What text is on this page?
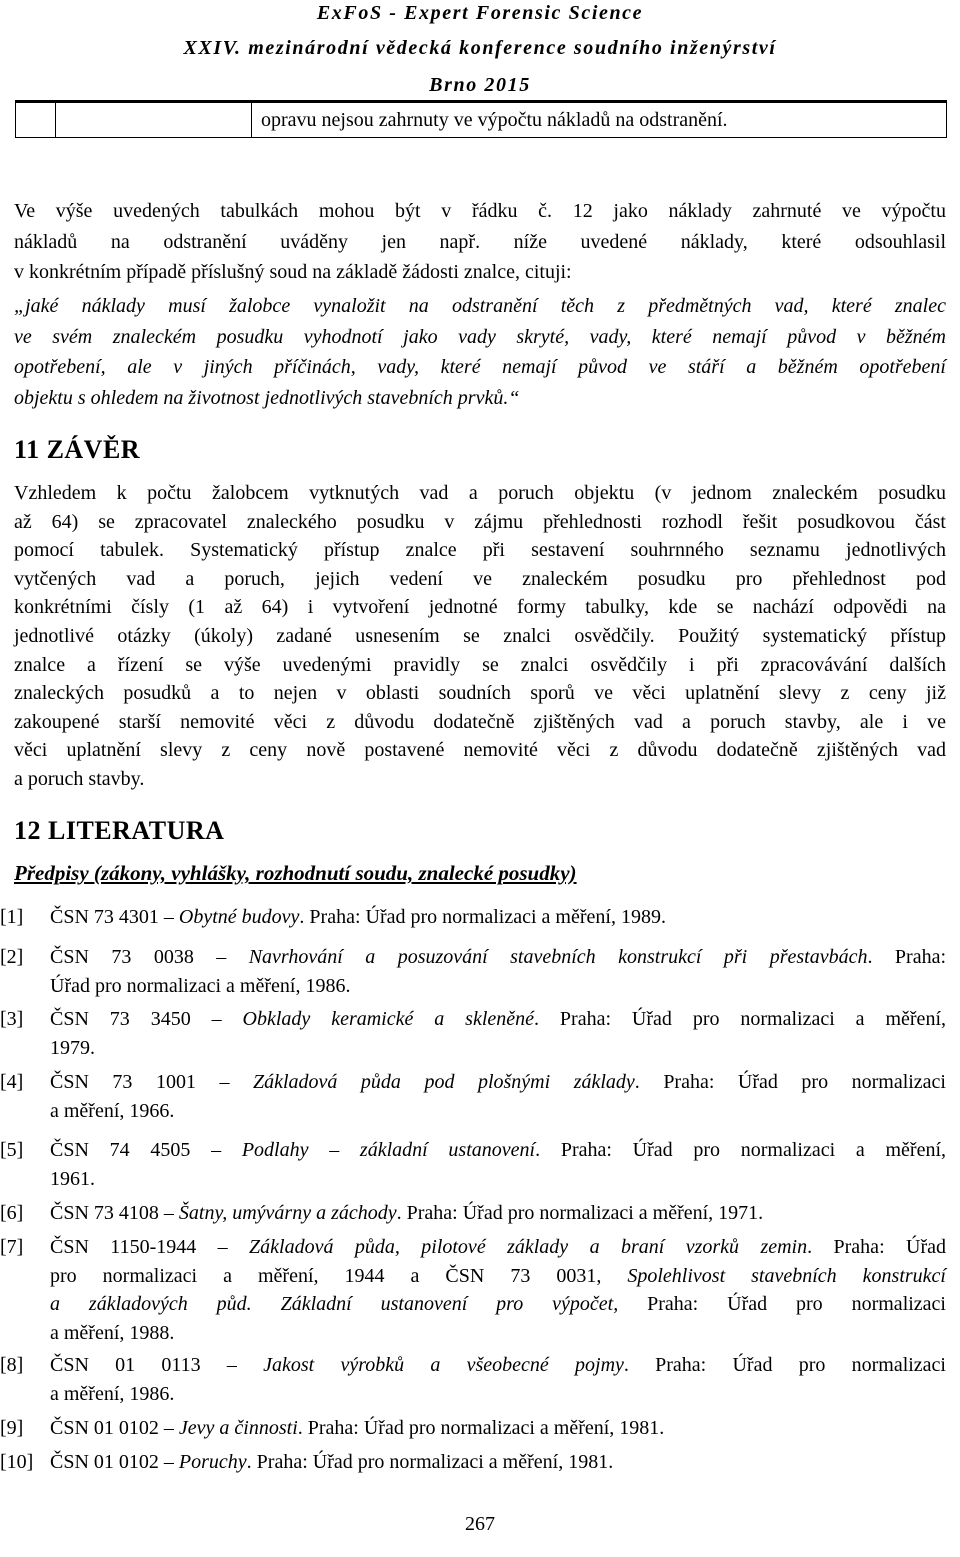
ExFoS - Expert Forensic Science
XXIV. mezinárodní vědecká konference soudního inženýrství
Brno 2015
opravu nejsou zahrnuty ve výpočtu nákladů na odstranění.
Ve výše uvedených tabulkách mohou být v řádku č. 12 jako náklady zahrnuté ve výpočtu
nákladů na odstranění uváděny jen např. níže uvedené náklady, které odsouhlasil
v konkrétním případě příslušný soud na základě žádosti znalce, cituji:
„jaké náklady musí žalobce vynaložit na odstranění těch z předmětných vad, které znalec
ve svém znaleckém posudku vyhodnotí jako vady skryté, vady, které nemají původ v běžném
opotřebení, ale v jiných příčinách, vady, které nemají původ ve stáří a běžném opotřebení
objektu s ohledem na životnost jednotlivých stavebních prvků.“
11 ZÁVĚR
Vzhledem k počtu žalobcem vytknutých vad a poruch objektu (v jednom znaleckém posudku
až 64) se zpracovatel znaleckého posudku v zájmu přehlednosti rozhodl řešit posudkovou část
pomocí tabulek. Systematický přístup znalce při sestavení souhrnného seznamu jednotlivých
vytčených vad a poruch, jejich vedení ve znaleckém posudku pro přehlednost pod
konkrétními čísly (1 až 64) i vytvoření jednotné formy tabulky, kde se nachází odpovědi na
jednotlivé otázky (úkoly) zadané usnesením se znalci osvědčily. Použitý systematický přístup
znalce a řízení se výše uvedenými pravidly se znalci osvědčily i při zpracovávání dalších
znaleckých posudků a to nejen v oblasti soudních sporů ve věci uplatnění slevy z ceny již
zakoupené starší nemovité věci z důvodu dodatečně zjištěných vad a poruch stavby, ale i ve
věci uplatnění slevy z ceny nově postavené nemovité věci z důvodu dodatečně zjištěných vad
a poruch stavby.
12 LITERATURA
Předpisy (zákony, vyhlášky, rozhodnutí soudu, znalecké posudky)
[1] ČSN 73 4301 – Obytné budovy. Praha: Úřad pro normalizaci a měření, 1989.
[2] ČSN 73 0038 – Navrhování a posuzování stavebních konstrukcí při přestavbách. Praha:
Úřad pro normalizaci a měření, 1986.
[3] ČSN 73 3450 – Obklady keramické a skleněné. Praha: Úřad pro normalizaci a měření,
1979.
[4] ČSN 73 1001 – Základová půda pod plošnými základy. Praha: Úřad pro normalizaci
a měření, 1966.
[5] ČSN 74 4505 – Podlahy – základní ustanovení. Praha: Úřad pro normalizaci a měření,
1961.
[6] ČSN 73 4108 – Šatny, umývárny a záchody. Praha: Úřad pro normalizaci a měření, 1971.
[7] ČSN 1150-1944 – Základová půda, pilotové základy a braní vzorků zemin. Praha: Úřad
pro normalizaci a měření, 1944 a ČSN 73 0031, Spolehlivost stavebních konstrukcí
a základových půd. Základní ustanovení pro výpočet, Praha: Úřad pro normalizaci
a měření, 1988.
[8] ČSN 01 0113 – Jakost výrobků a všeobecné pojmy. Praha: Úřad pro normalizaci
a měření, 1986.
[9] ČSN 01 0102 – Jevy a činnosti. Praha: Úřad pro normalizaci a měření, 1981.
[10] ČSN 01 0102 – Poruchy. Praha: Úřad pro normalizaci a měření, 1981.
267
